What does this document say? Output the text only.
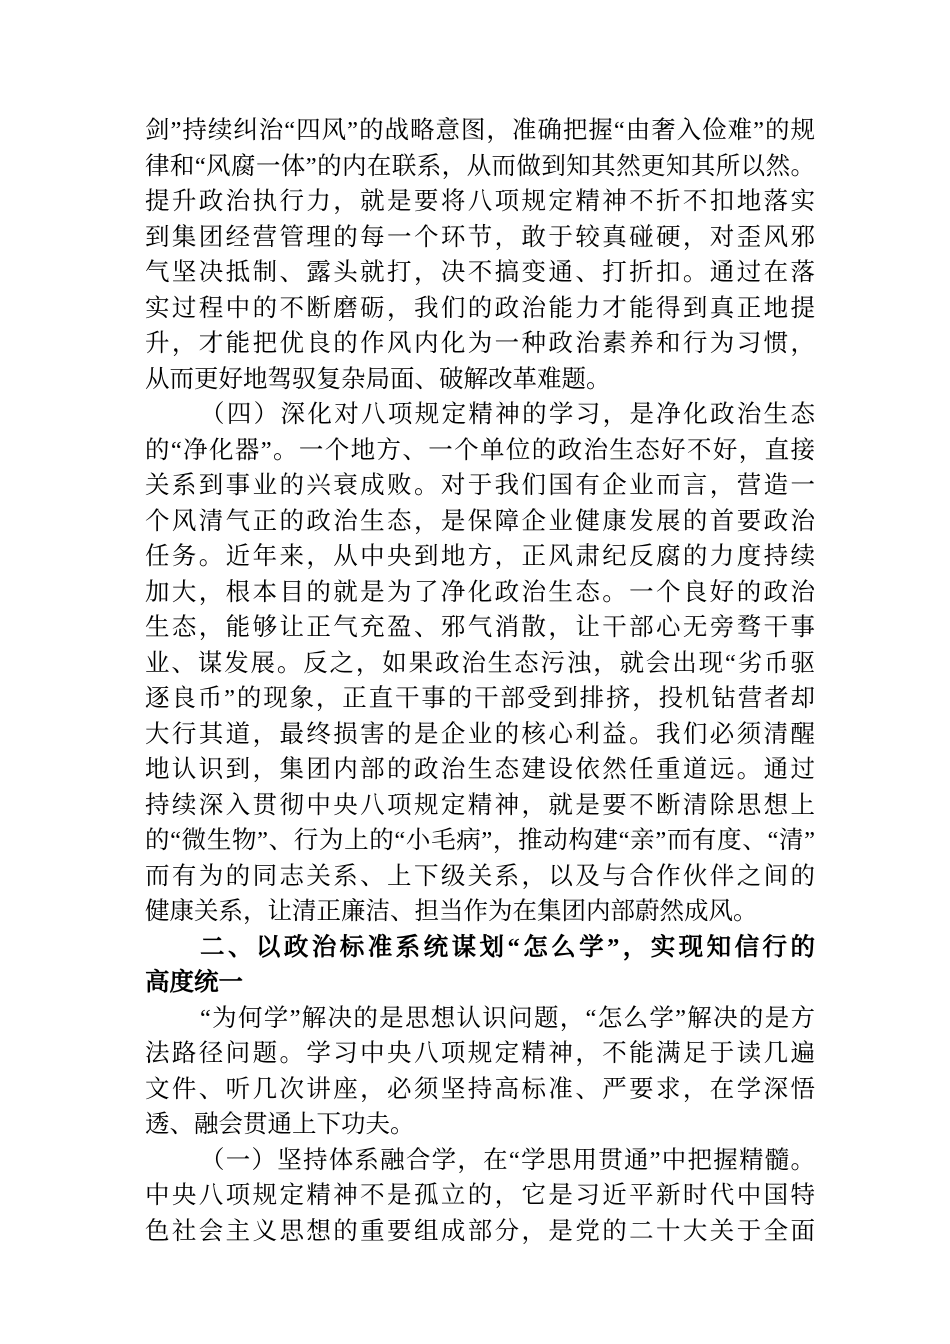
剑”持续纠治“四风”的战略意图，准确把握“由奢入俭难”的规
律和“风腐一体”的内在联系，从而做到知其然更知其所以然。
提升政治执行力，就是要将八项规定精神不折不扣地落实
到集团经营管理的每一个环节，敢于较真碰硬，对歪风邪
气坚决抵制、露头就打，决不搞变通、打折扣。通过在落
实过程中的不断磨砺，我们的政治能力才能得到真正地提
升，才能把优良的作风内化为一种政治素养和行为习惯，
从而更好地驾驭复杂局面、破解改革难题。
（四）深化对八项规定精神的学习，是净化政治生态
的“净化器”。一个地方、一个单位的政治生态好不好，直接
关系到事业的兴衰成败。对于我们国有企业而言，营造一
个风清气正的政治生态，是保障企业健康发展的首要政治
任务。近年来，从中央到地方，正风肃纪反腐的力度持续
加大，根本目的就是为了净化政治生态。一个良好的政治
生态，能够让正气充盈、邪气消散，让干部心无旁骛干事
业、谋发展。反之，如果政治生态污浊，就会出现“劣币驱
逐良币”的现象，正直干事的干部受到排挤，投机钻营者却
大行其道，最终损害的是企业的核心利益。我们必须清醒
地认识到，集团内部的政治生态建设依然任重道远。通过
持续深入贯彻中央八项规定精神，就是要不断清除思想上
的“微生物”、行为上的“小毛病”，推动构建“亲”而有度、“清”
而有为的同志关系、上下级关系，以及与合作伙伴之间的
健康关系，让清正廉洁、担当作为在集团内部蔚然成风。
二、以政治标准系统谋划“怎么学”，实现知信行的
高度统一
“为何学”解决的是思想认识问题，“怎么学”解决的是方
法路径问题。学习中央八项规定精神，不能满足于读几遍
文件、听几次讲座，必须坚持高标准、严要求，在学深悟
透、融会贯通上下功夫。
（一）坚持体系融合学，在“学思用贯通”中把握精髓。
中央八项规定精神不是孤立的，它是习近平新时代中国特
色社会主义思想的重要组成部分，是党的二十大关于全面
